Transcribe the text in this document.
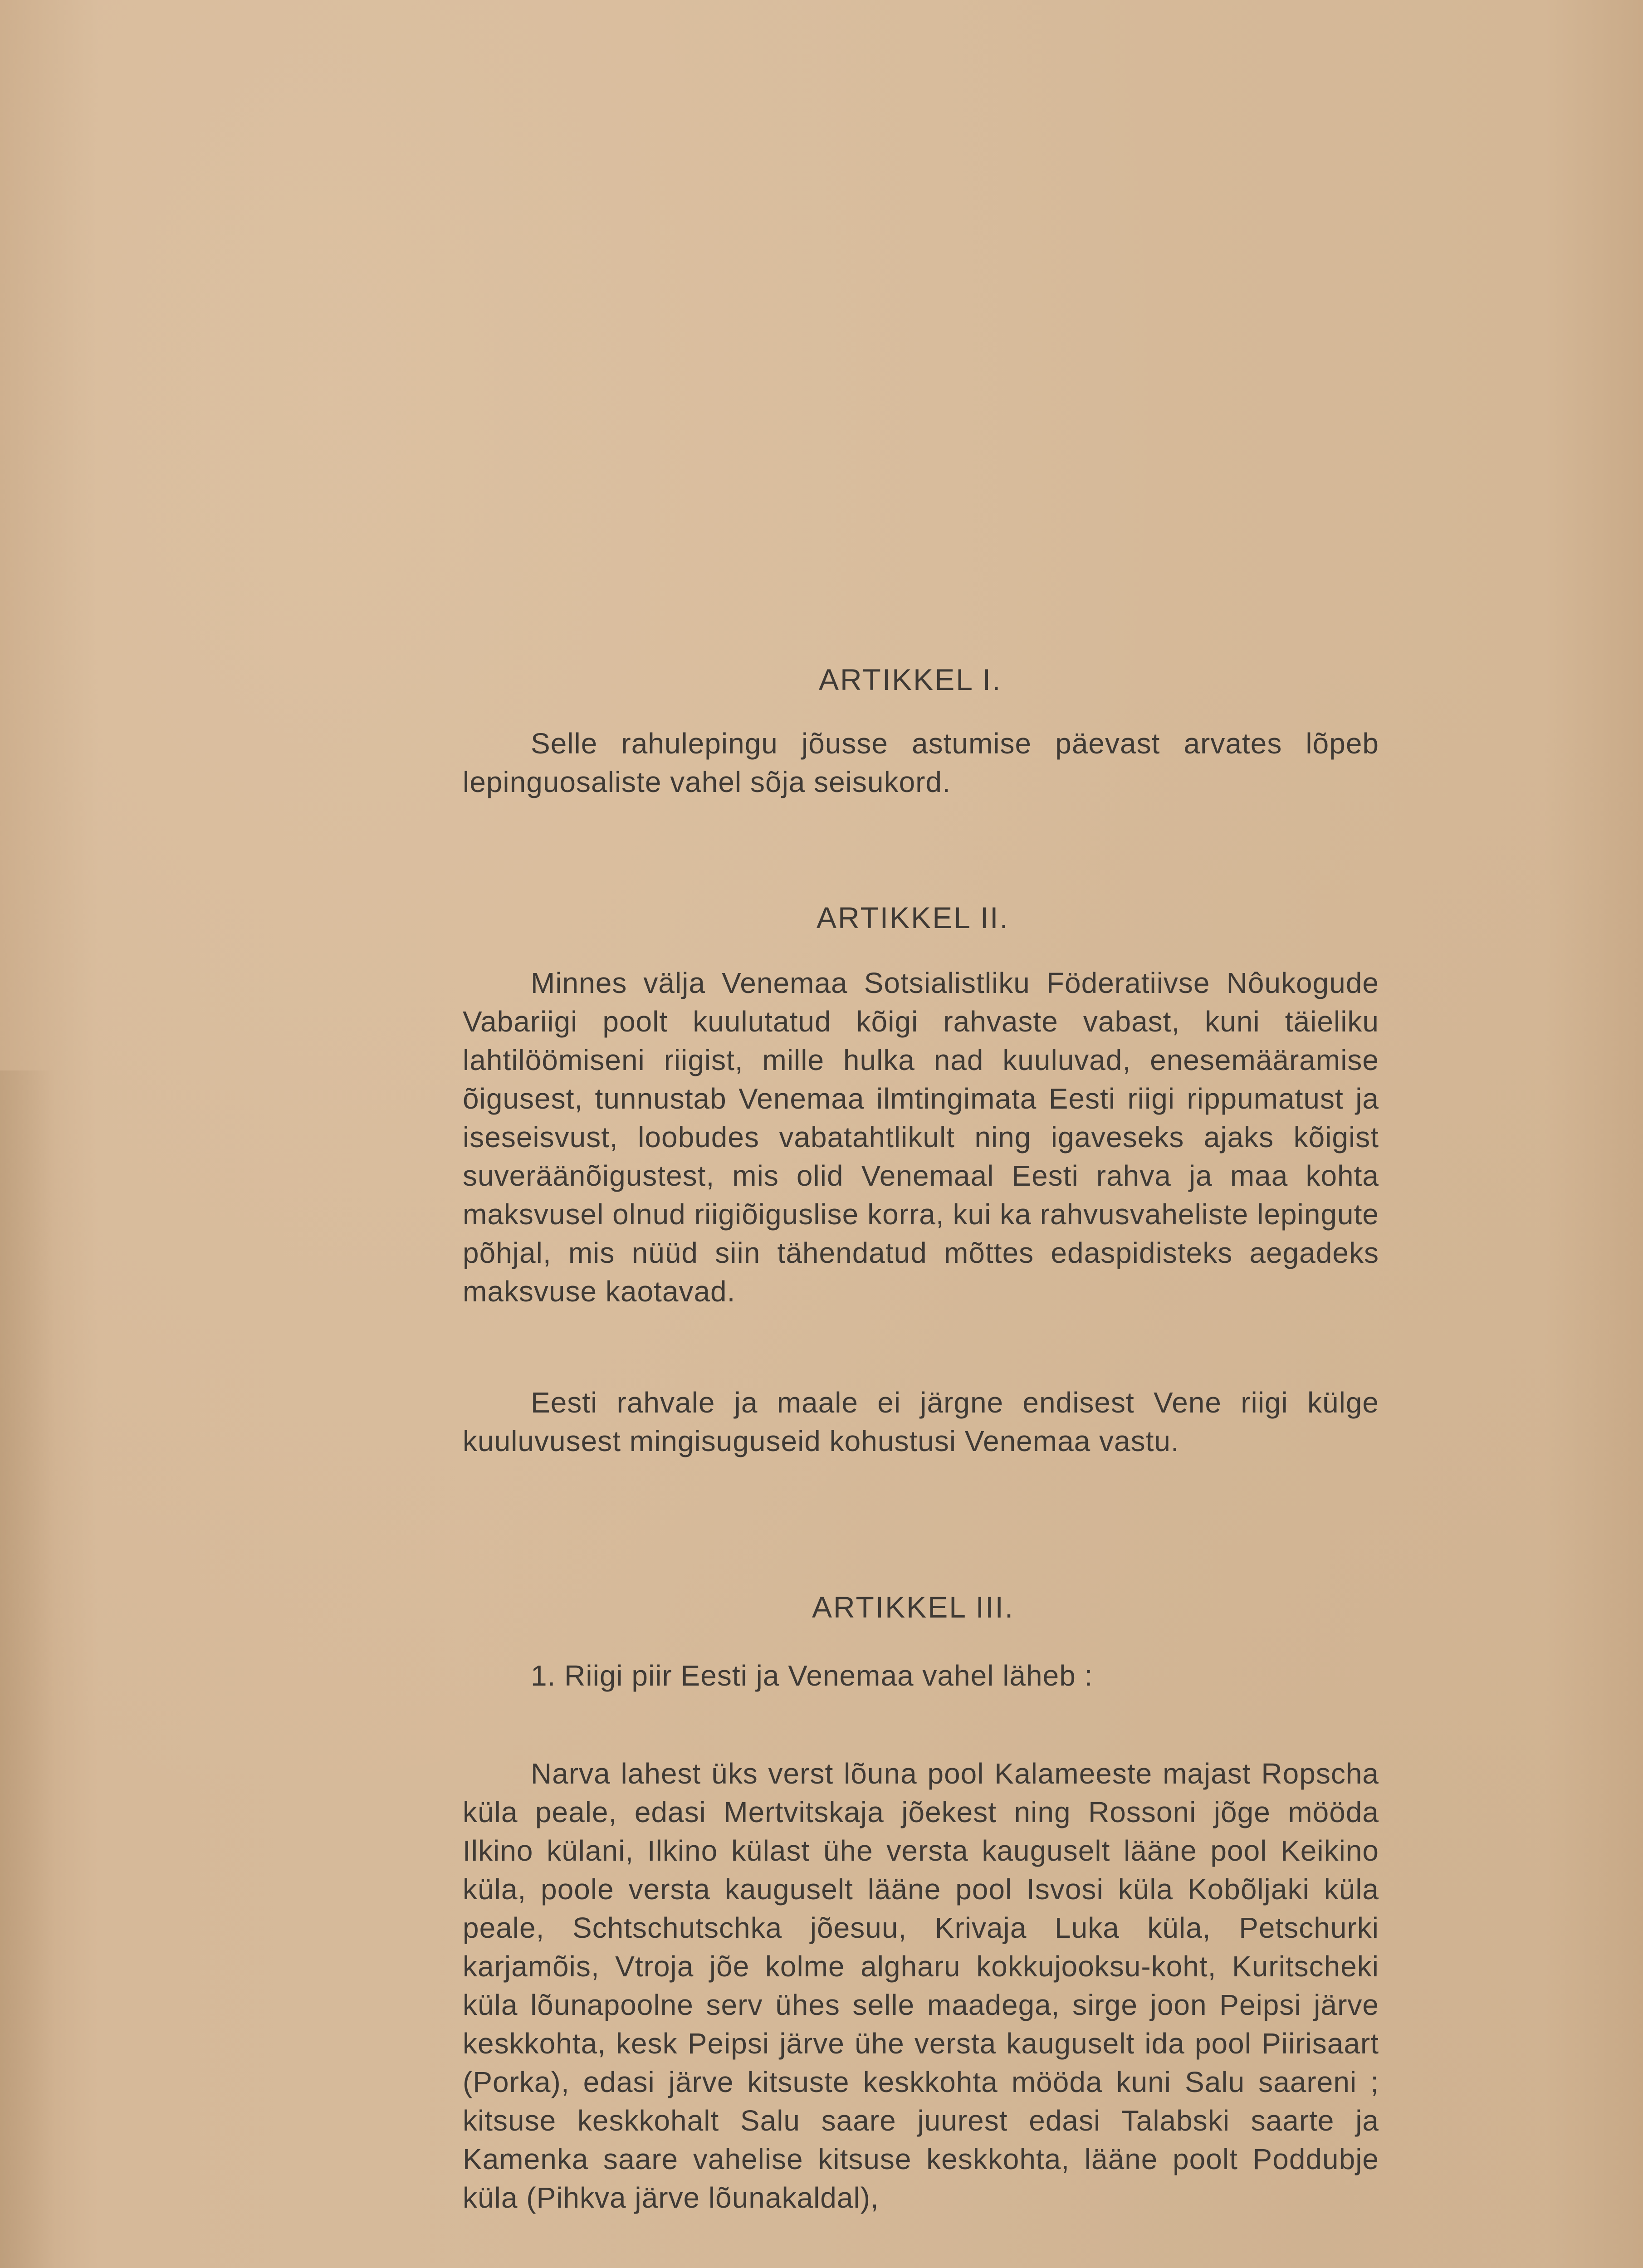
ARTIKKEL I.

Selle rahulepingu jõusse astumise päevast arvates lõpeb lepinguosaliste vahel sõja seisukord.

ARTIKKEL II.

Minnes välja Venemaa Sotsialistliku Föderatiivse Nôukogude Vabariigi poolt kuulutatud kõigi rahvaste vabast, kuni täieliku lahtilöömiseni riigist, mille hulka nad kuuluvad, enesemääramise õigusest, tunnustab Venemaa ilmtingimata Eesti riigi rippumatust ja iseseisvust, loobudes vabatahtlikult ning igaveseks ajaks kõigist suveräänõigustest, mis olid Venemaal Eesti rahva ja maa kohta maksvusel olnud riigiõiguslise korra, kui ka rahvusvaheliste lepingute põhjal, mis nüüd siin tähendatud mõttes edaspidisteks aegadeks maksvuse kaotavad.

Eesti rahvale ja maale ei järgne endisest Vene riigi külge kuuluvusest mingisuguseid kohustusi Venemaa vastu.

ARTIKKEL III.

1. Riigi piir Eesti ja Venemaa vahel läheb :

Narva lahest üks verst lõuna pool Kalameeste majast Ropscha küla peale, edasi Mertvitskaja jõekest ning Rossoni jõge mööda Ilkino külani, Ilkino külast ühe versta kauguselt lääne pool Keikino küla, poole versta kauguselt lääne pool Isvosi küla Kobõljaki küla peale, Schtschutschka jõesuu, Krivaja Luka küla, Petschurki karjamõis, Vtroja jõe kolme algharu kokkujooksu-koht, Kuritscheki küla lõunapoolne serv ühes selle maadega, sirge joon Peipsi järve keskkohta, kesk Peipsi järve ühe versta kauguselt ida pool Piirisaart (Porka), edasi järve kitsuste keskkohta mööda kuni Salu saareni ; kitsuse keskkohalt Salu saare juurest edasi Talabski saarte ja Kamenka saare vahelise kitsuse keskkohta, lääne poolt Poddubje küla (Pihkva järve lõunakaldal),
